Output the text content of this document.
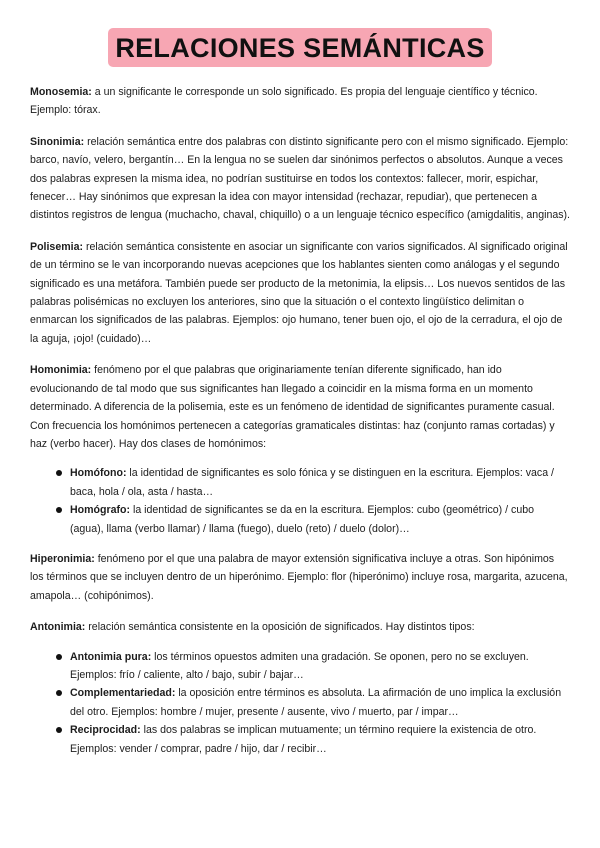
RELACIONES SEMÁNTICAS

Monosemia: a un significante le corresponde un solo significado. Es propia del lenguaje científico y técnico. Ejemplo: tórax.

Sinonimia: relación semántica entre dos palabras con distinto significante pero con el mismo significado. Ejemplo: barco, navío, velero, bergantín… En la lengua no se suelen dar sinónimos perfectos o absolutos. Aunque a veces dos palabras expresen la misma idea, no podrían sustituirse en todos los contextos: fallecer, morir, espichar, fenecer… Hay sinónimos que expresan la idea con mayor intensidad (rechazar, repudiar), que pertenecen a distintos registros de lengua (muchacho, chaval, chiquillo) o a un lenguaje técnico específico (amigdalitis, anginas).

Polisemia: relación semántica consistente en asociar un significante con varios significados. Al significado original de un término se le van incorporando nuevas acepciones que los hablantes sienten como análogas y el segundo significado es una metáfora. También puede ser producto de la metonimia, la elipsis… Los nuevos sentidos de las palabras polisémicas no excluyen los anteriores, sino que la situación o el contexto lingüístico delimitan o enmarcan los significados de las palabras. Ejemplos: ojo humano, tener buen ojo, el ojo de la cerradura, el ojo de la aguja, ¡ojo! (cuidado)…

Homonimia: fenómeno por el que palabras que originariamente tenían diferente significado, han ido evolucionando de tal modo que sus significantes han llegado a coincidir en la misma forma en un momento determinado. A diferencia de la polisemia, este es un fenómeno de identidad de significantes puramente casual. Con frecuencia los homónimos pertenecen a categorías gramaticales distintas: haz (conjunto ramas cortadas) y haz (verbo hacer). Hay dos clases de homónimos:

Homófono: la identidad de significantes es solo fónica y se distinguen en la escritura. Ejemplos: vaca / baca, hola / ola, asta / hasta…
Homógrafo: la identidad de significantes se da en la escritura. Ejemplos: cubo (geométrico) / cubo (agua), llama (verbo llamar) / llama (fuego), duelo (reto) / duelo (dolor)…

Hiperonimia: fenómeno por el que una palabra de mayor extensión significativa incluye a otras. Son hipónimos los términos que se incluyen dentro de un hiperónimo. Ejemplo: flor (hiperónimo) incluye rosa, margarita, azucena, amapola… (cohipónimos).

Antonimia: relación semántica consistente en la oposición de significados. Hay distintos tipos:

Antonimia pura: los términos opuestos admiten una gradación. Se oponen, pero no se excluyen. Ejemplos: frío / caliente, alto / bajo, subir / bajar…
Complementariedad: la oposición entre términos es absoluta. La afirmación de uno implica la exclusión del otro. Ejemplos: hombre / mujer, presente / ausente, vivo / muerto, par / impar…
Reciprocidad: las dos palabras se implican mutuamente; un término requiere la existencia de otro. Ejemplos: vender / comprar, padre / hijo, dar / recibir…
